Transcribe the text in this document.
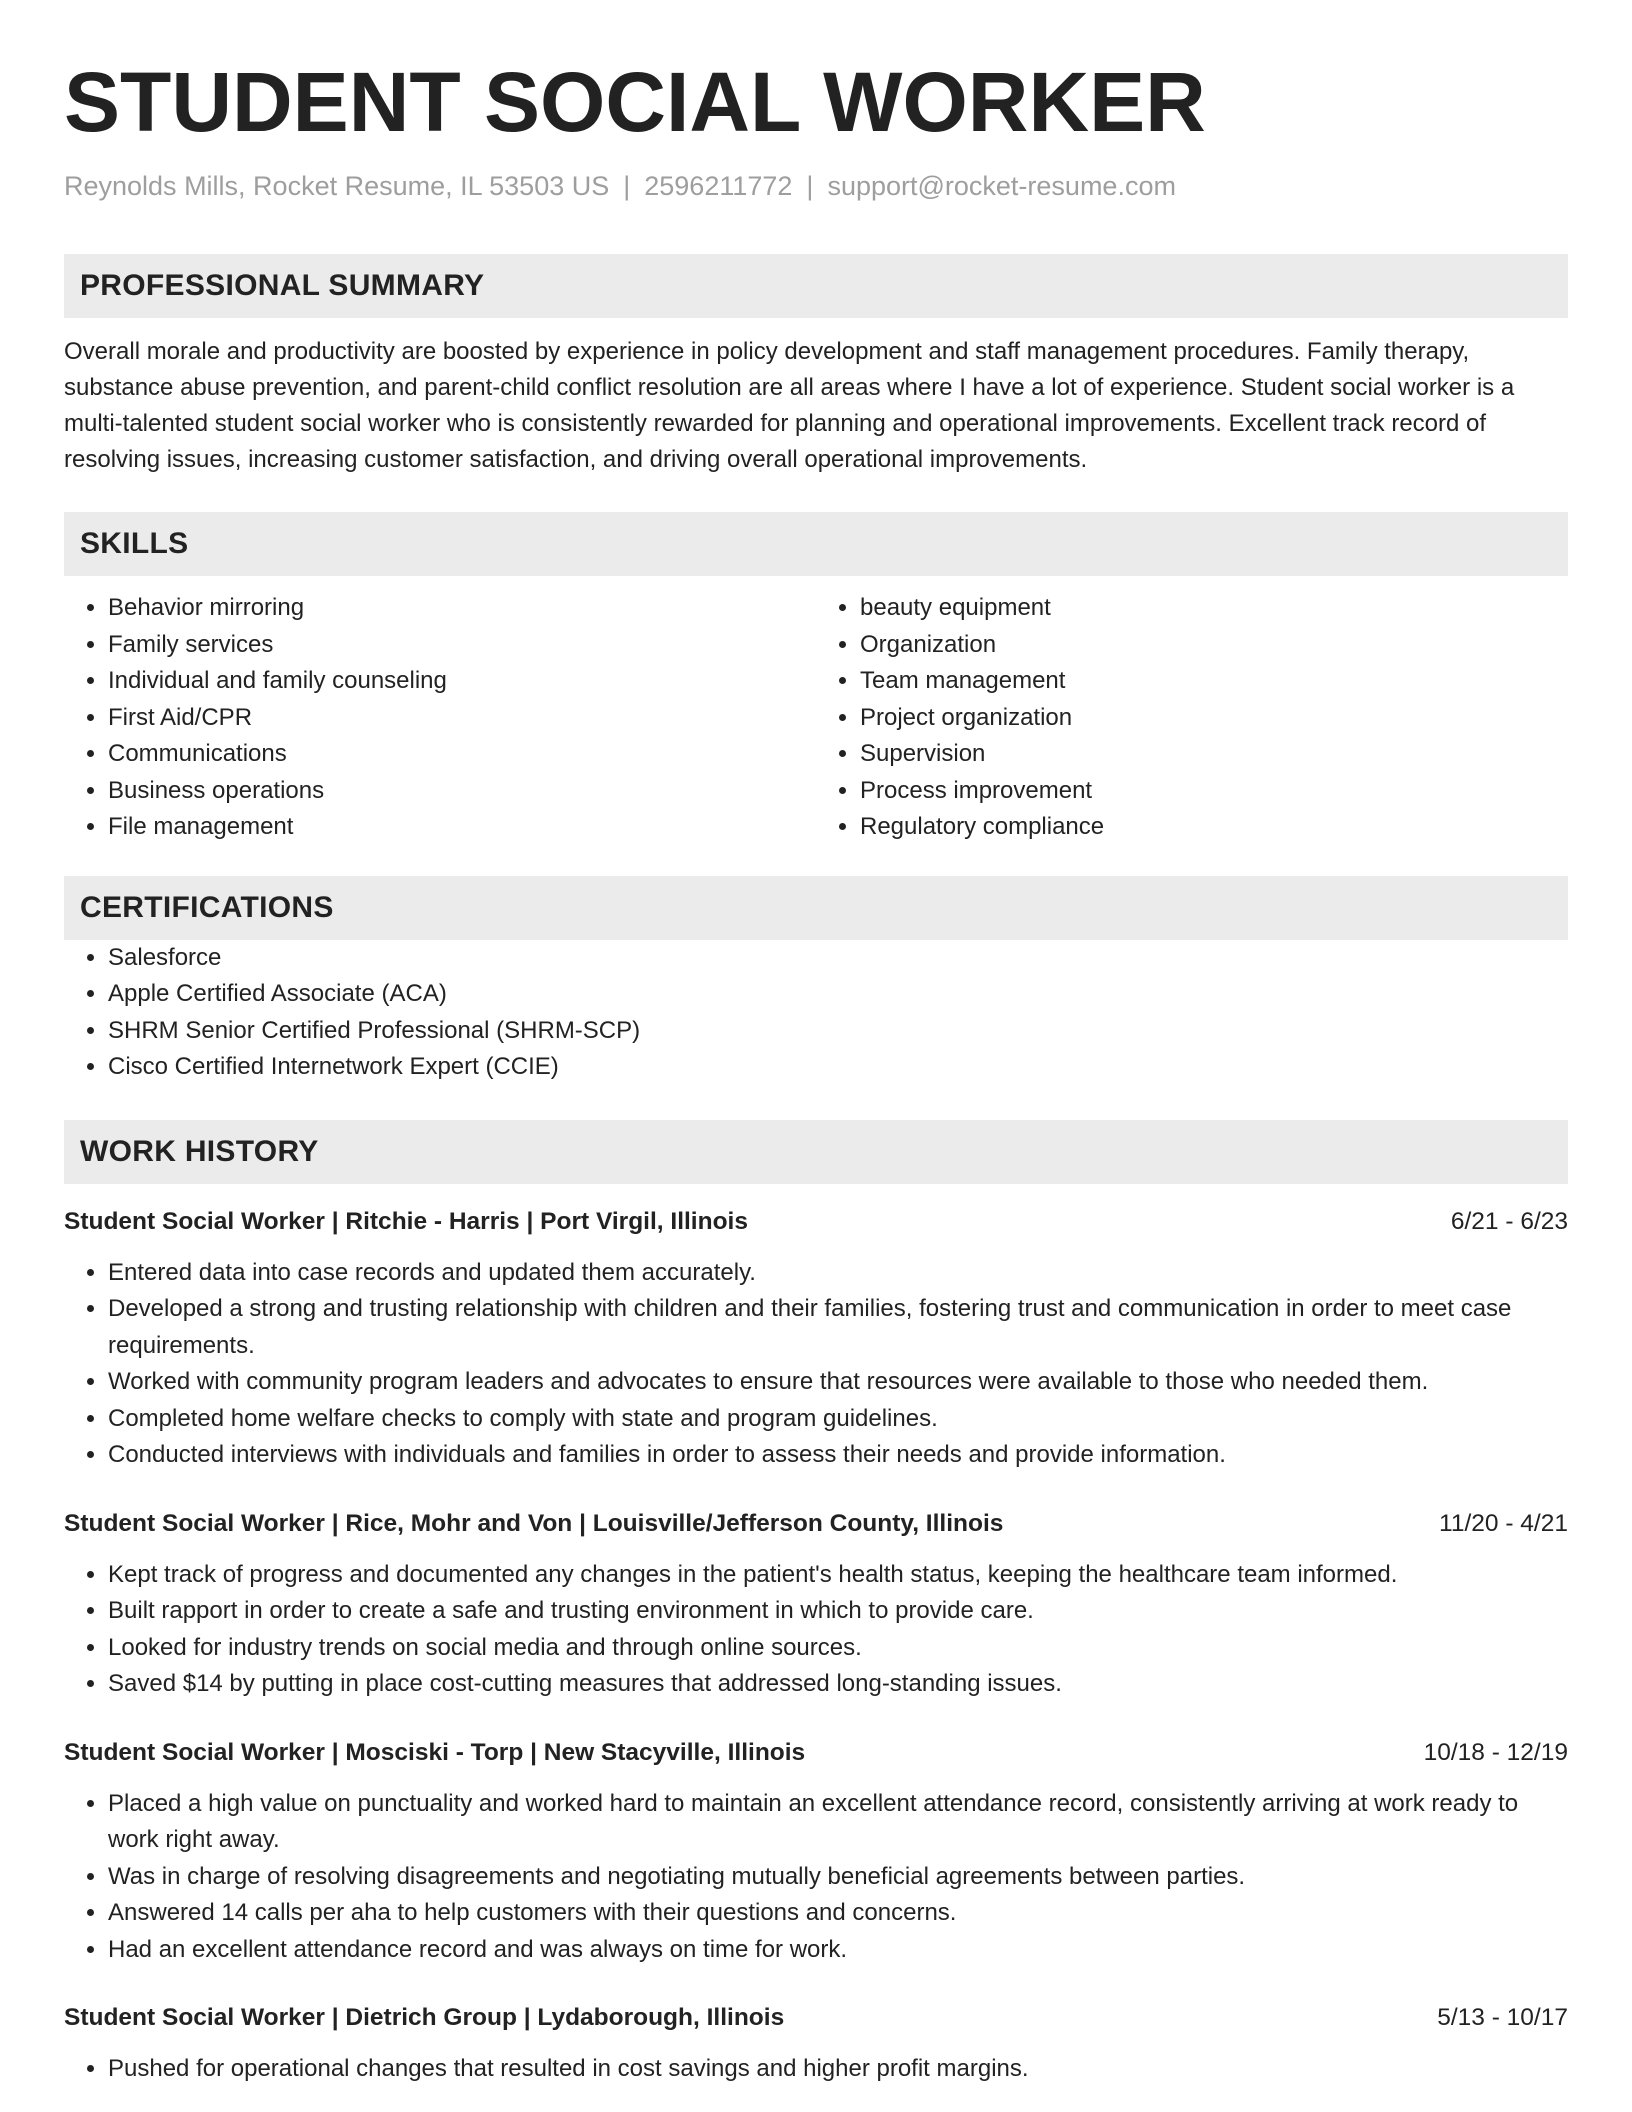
STUDENT SOCIAL WORKER
Reynolds Mills, Rocket Resume, IL 53503 US | 2596211772 | support@rocket-resume.com
PROFESSIONAL SUMMARY
Overall morale and productivity are boosted by experience in policy development and staff management procedures. Family therapy,
substance abuse prevention, and parent-child conflict resolution are all areas where I have a lot of experience. Student social worker is a
multi-talented student social worker who is consistently rewarded for planning and operational improvements. Excellent track record of
resolving issues, increasing customer satisfaction, and driving overall operational improvements.
SKILLS
• Behavior mirroring
• Family services
• Individual and family counseling
• First Aid/CPR
• Communications
• Business operations
• File management
• beauty equipment
• Organization
• Team management
• Project organization
• Supervision
• Process improvement
• Regulatory compliance
CERTIFICATIONS
• Salesforce
• Apple Certified Associate (ACA)
• SHRM Senior Certified Professional (SHRM-SCP)
• Cisco Certified Internetwork Expert (CCIE)
WORK HISTORY
Student Social Worker | Ritchie - Harris | Port Virgil, Illinois	6/21 - 6/23
• Entered data into case records and updated them accurately.
• Developed a strong and trusting relationship with children and their families, fostering trust and communication in order to meet case requirements.
• Worked with community program leaders and advocates to ensure that resources were available to those who needed them.
• Completed home welfare checks to comply with state and program guidelines.
• Conducted interviews with individuals and families in order to assess their needs and provide information.
Student Social Worker | Rice, Mohr and Von | Louisville/Jefferson County, Illinois	11/20 - 4/21
• Kept track of progress and documented any changes in the patient's health status, keeping the healthcare team informed.
• Built rapport in order to create a safe and trusting environment in which to provide care.
• Looked for industry trends on social media and through online sources.
• Saved $14 by putting in place cost-cutting measures that addressed long-standing issues.
Student Social Worker | Mosciski - Torp | New Stacyville, Illinois	10/18 - 12/19
• Placed a high value on punctuality and worked hard to maintain an excellent attendance record, consistently arriving at work ready to work right away.
• Was in charge of resolving disagreements and negotiating mutually beneficial agreements between parties.
• Answered 14 calls per aha to help customers with their questions and concerns.
• Had an excellent attendance record and was always on time for work.
Student Social Worker | Dietrich Group | Lydaborough, Illinois	5/13 - 10/17
• Pushed for operational changes that resulted in cost savings and higher profit margins.
